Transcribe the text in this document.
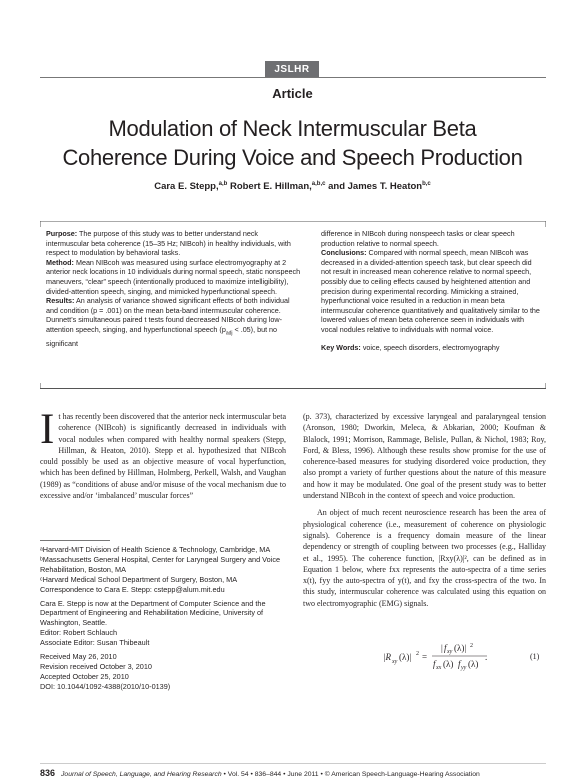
JSLHR
Article
Modulation of Neck Intermuscular Beta
Coherence During Voice and Speech Production
Cara E. Stepp,$^{a,b}$ Robert E. Hillman,$^{a,b,c}$ and James T. Heaton$^{b,c}$

Purpose: The purpose of this study was to better understand neck intermuscular beta coherence (15–35 Hz; NIBcoh) in healthy individuals, with respect to modulation by behavioral tasks.

Method: Mean NIBcoh was measured using surface electromyography at 2 anterior neck locations in 10 individuals during normal speech, static nonspeech maneuvers, “clear” speech (intentionally produced to maximize intelligibility), divided-attention speech, singing, and mimicked hyperfunctional speech.

Results: An analysis of variance showed significant effects of both individual and condition (p = .001) on the mean beta-band intermuscular coherence. Dunnett’s simultaneous paired t tests found decreased NIBcoh during low-attention speech, singing, and hyperfunctional speech $(p_{adj} < .05)$, but no significant

difference in NIBcoh during nonspeech tasks or clear speech production relative to normal speech.

Conclusions: Compared with normal speech, mean NIBcoh was decreased in a divided-attention speech task, but clear speech did not result in increased mean coherence relative to normal speech, possibly due to ceiling effects caused by heightened attention and precision during experimental recording. Mimicking a strained, hyperfunctional voice resulted in a reduction in mean beta intermuscular coherence quantitatively and qualitatively similar to the lowered values of mean beta coherence seen in individuals with vocal nodules relative to individuals with normal voice.

Key Words: voice, speech disorders, electromyography

It has recently been discovered that the anterior neck intermuscular beta coherence (NIBcoh) is significantly decreased in individuals with vocal nodules when compared with healthy normal speakers (Stepp, Hillman, & Heaton, 2010). Stepp et al. hypothesized that NIBcoh could possibly be used as an objective measure of vocal hyperfunction, which has been defined by Hillman, Holmberg, Perkell, Walsh, and Vaughan (1989) as “conditions of abuse and/or misuse of the vocal mechanism due to excessive and/or ‘imbalanced’ muscular forces”

ᵃHarvard-MIT Division of Health Science & Technology, Cambridge, MA

ᵇMassachusetts General Hospital, Center for Laryngeal Surgery and Voice Rehabilitation, Boston, MA

ᶜHarvard Medical School Department of Surgery, Boston, MA

Correspondence to Cara E. Stepp: cstepp@alum.mit.edu

Cara E. Stepp is now at the Department of Computer Science and the Department of Engineering and Rehabilitation Medicine, University of Washington, Seattle.

Editor: Robert Schlauch

Associate Editor: Susan Thibeault

Received May 26, 2010

Revision received October 3, 2010

Accepted October 25, 2010

DOI: 10.1044/1092-4388(2010/10-0139)

(p. 373), characterized by excessive laryngeal and paralaryngeal tension (Aronson, 1980; Dworkin, Meleca, & Abkarian, 2000; Koufman & Blalock, 1991; Morrison, Rammage, Belisle, Pullan, & Nichol, 1983; Roy, Ford, & Bless, 1996). Although these results show promise for the use of coherence-based measures for studying disordered voice production, they also prompt a variety of further questions about the nature of this measure and how it may be modulated. One goal of the present study was to better understand NIBcoh in the context of speech and voice production.

An object of much recent neuroscience research has been the area of physiological coherence (i.e., measurement of coherence on physiologic signals). Coherence is a frequency domain measure of the linear dependency or strength of coupling between two processes (e.g., Halliday et al., 1995). The coherence function, |Rxy(λ)|², can be defined as in Equation 1 below, where fxx represents the auto-spectra of a time series x(t), fyy the auto-spectra of y(t), and fxy the cross-spectra of the two. In this study, intermuscular coherence was calculated using this equation on two electromyographic (EMG) signals.

|R xy (λ)| 2 =
| f xy (λ)| 2
f xx (λ) f yy (λ)
.	(1)
836 Journal of Speech, Language, and Hearing Research • Vol. 54 • 836–844 • June 2011 • © American Speech-Language-Hearing Association
